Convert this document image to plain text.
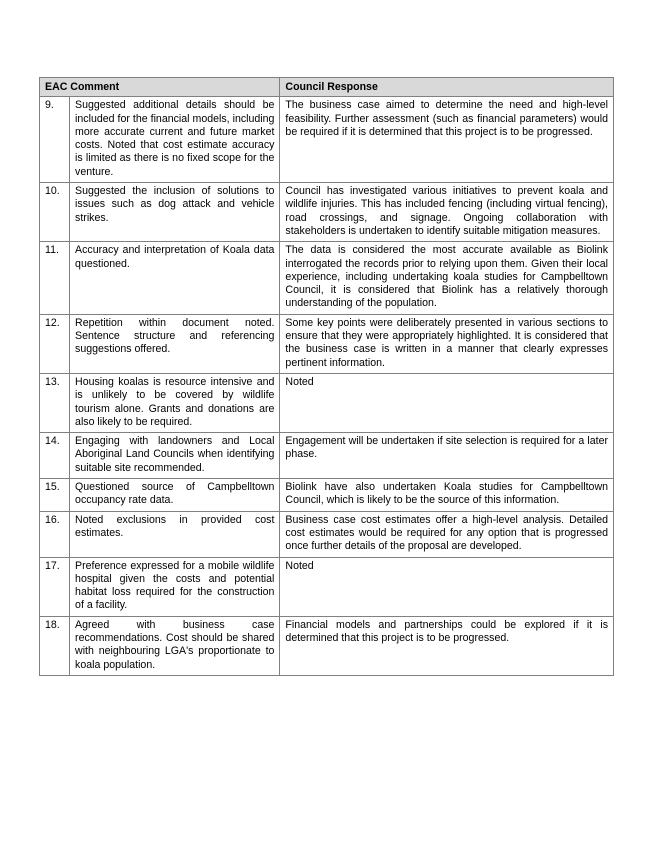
EAC Comment		Council Response
9.	Suggested additional details should be included for the financial models, including more accurate current and future market costs. Noted that cost estimate accuracy is limited as there is no fixed scope for the venture.	The business case aimed to determine the need and high-level feasibility. Further assessment (such as financial parameters) would be required if it is determined that this project is to be progressed.
10.	Suggested the inclusion of solutions to issues such as dog attack and vehicle strikes.	Council has investigated various initiatives to prevent koala and wildlife injuries. This has included fencing (including virtual fencing), road crossings, and signage. Ongoing collaboration with stakeholders is undertaken to identify suitable mitigation measures.
11.	Accuracy and interpretation of Koala data questioned.	The data is considered the most accurate available as Biolink interrogated the records prior to relying upon them. Given their local experience, including undertaking koala studies for Campbelltown Council, it is considered that Biolink has a relatively thorough understanding of the population.
12.	Repetition within document noted. Sentence structure and referencing suggestions offered.	Some key points were deliberately presented in various sections to ensure that they were appropriately highlighted. It is considered that the business case is written in a manner that clearly expresses pertinent information.
13.	Housing koalas is resource intensive and is unlikely to be covered by wildlife tourism alone. Grants and donations are also likely to be required.	Noted
14.	Engaging with landowners and Local Aboriginal Land Councils when identifying suitable site recommended.	Engagement will be undertaken if site selection is required for a later phase.
15.	Questioned source of Campbelltown occupancy rate data.	Biolink have also undertaken Koala studies for Campbelltown Council, which is likely to be the source of this information.
16.	Noted exclusions in provided cost estimates.	Business case cost estimates offer a high-level analysis. Detailed cost estimates would be required for any option that is progressed once further details of the proposal are developed.
17.	Preference expressed for a mobile wildlife hospital given the costs and potential habitat loss required for the construction of a facility.	Noted
18.	Agreed with business case recommendations. Cost should be shared with neighbouring LGA's proportionate to koala population.	Financial models and partnerships could be explored if it is determined that this project is to be progressed.
